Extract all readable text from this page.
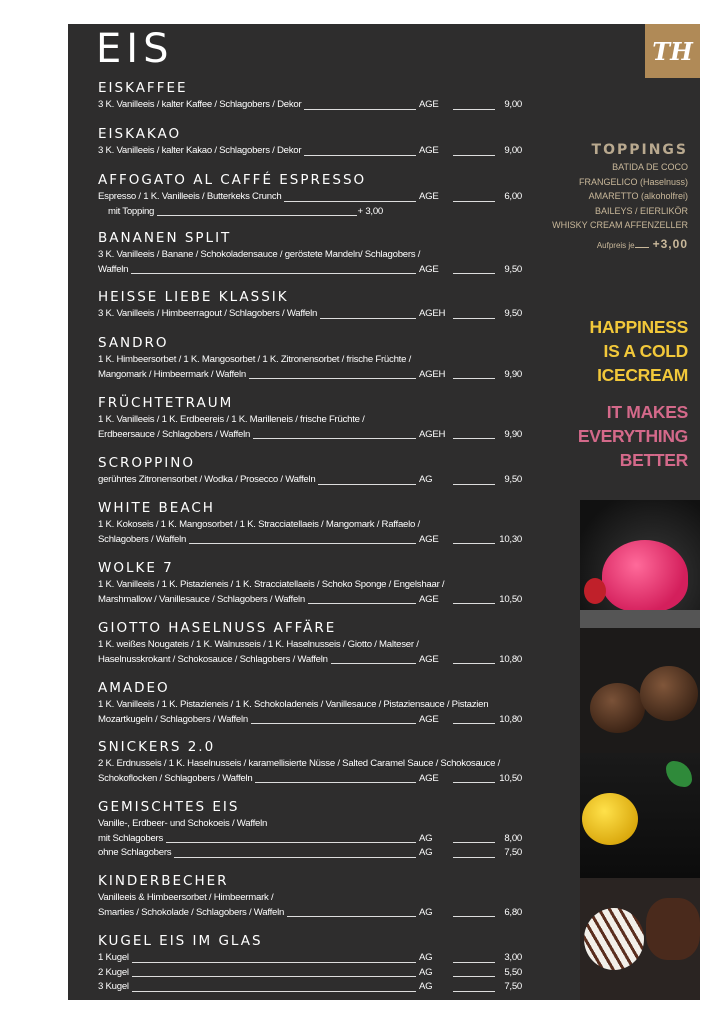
EIS	TH
EISKAFFEE
3 K. Vanilleeis / kalter Kaffee / Schlagobers / Dekor	AGE	9,00
EISKAKAO
3 K. Vanilleeis / kalter Kakao / Schlagobers / Dekor	AGE	9,00
AFFOGATO AL CAFFÉ ESPRESSO
Espresso / 1 K. Vanilleeis / Butterkeks Crunch	AGE	6,00
mit Topping	+ 3,00
BANANEN SPLIT
3 K. Vanilleeis / Banane / Schokoladensauce / geröstete Mandeln/ Schlagobers /
Waffeln	AGE	9,50
HEISSE LIEBE KLASSIK
3 K. Vanilleeis / Himbeerragout / Schlagobers / Waffeln	AGEH	9,50
SANDRO
1 K. Himbeersorbet / 1 K. Mangosorbet / 1 K. Zitronensorbet / frische Früchte /
Mangomark / Himbeermark / Waffeln	AGEH	9,90
FRÜCHTETRAUM
1 K. Vanilleeis / 1 K. Erdbeereis / 1 K. Marilleneis / frische Früchte /
Erdbeersauce / Schlagobers / Waffeln	AGEH	9,90
SCROPPINO
gerührtes Zitronensorbet / Wodka / Prosecco / Waffeln	AG	9,50
WHITE BEACH
1 K. Kokoseis / 1 K. Mangosorbet / 1 K. Stracciatellaeis / Mangomark / Raffaelo /
Schlagobers / Waffeln	AGE	10,30
WOLKE 7
1 K. Vanilleeis / 1 K. Pistazieneis / 1 K. Stracciatellaeis / Schoko Sponge / Engelshaar /
Marshmallow / Vanillesauce / Schlagobers / Waffeln	AGE	10,50
GIOTTO HASELNUSS AFFÄRE
1 K. weißes Nougateis / 1 K. Walnusseis / 1 K. Haselnusseis / Giotto / Malteser /
Haselnusskrokant / Schokosauce / Schlagobers / Waffeln	AGE	10,80
AMADEO
1 K. Vanilleeis / 1 K. Pistazieneis / 1 K. Schokoladeneis / Vanillesauce / Pistaziensauce / Pistazien
Mozartkugeln / Schlagobers / Waffeln	AGE	10,80
SNICKERS 2.0
2 K. Erdnusseis / 1 K. Haselnusseis / karamellisierte Nüsse / Salted Caramel Sauce / Schokosauce /
Schokoflocken / Schlagobers / Waffeln	AGE	10,50
GEMISCHTES EIS
Vanille-, Erdbeer- und Schokoeis / Waffeln
mit Schlagobers	AG	8,00
ohne Schlagobers	AG	7,50
KINDERBECHER
Vanilleeis & Himbeersorbet / Himbeermark /
Smarties / Schokolade / Schlagobers / Waffeln	AG	6,80
KUGEL EIS IM GLAS
1 Kugel	AG	3,00
2 Kugel	AG	5,50
3 Kugel	AG	7,50
TOPPINGS
BATIDA DE COCO
FRANGELICO (Haselnuss)
AMARETTO (alkoholfrei)
BAILEYS / EIERLIKÖR
WHISKY CREAM AFFENZELLER
Aufpreis je +3,00
HAPPINESS
IS A COLD
ICECREAM
IT MAKES
EVERYTHING
BETTER
